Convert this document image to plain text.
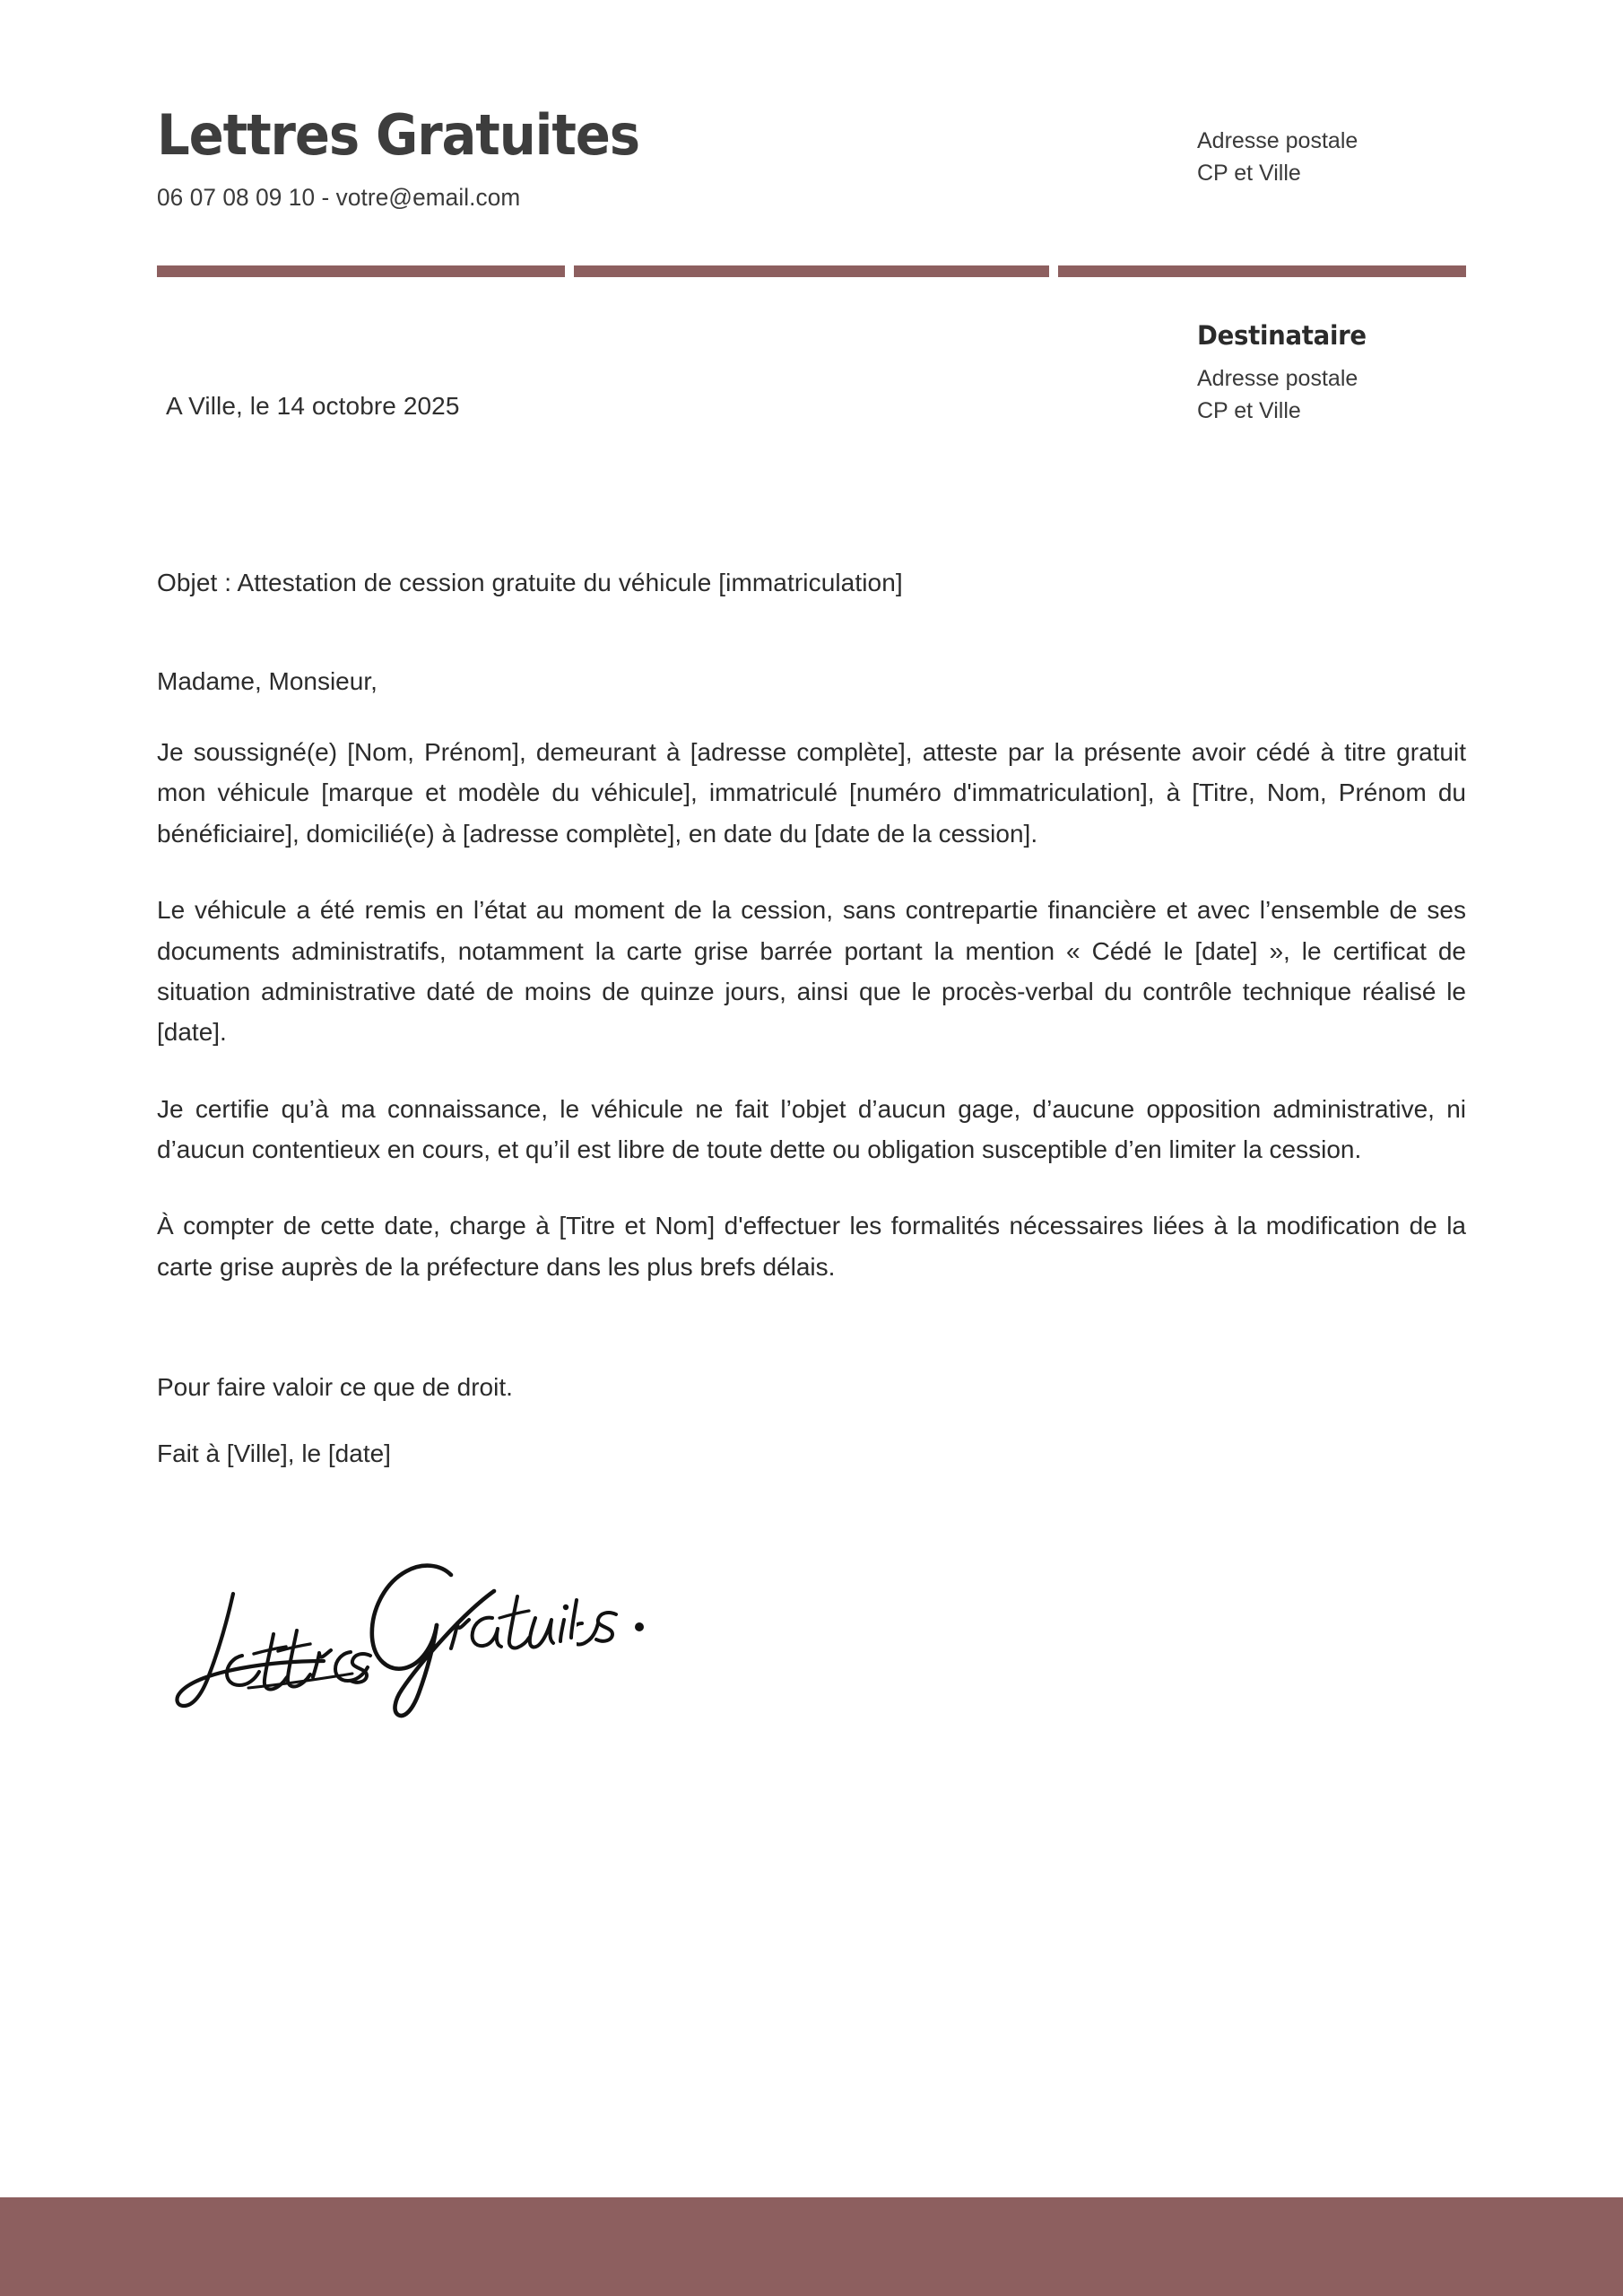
Lettres Gratuites
06 07 08 09 10 - votre@email.com
Adresse postale
CP et Ville
Destinataire
Adresse postale
CP et Ville
A Ville, le 14 octobre 2025
Objet : Attestation de cession gratuite du véhicule [immatriculation]
Madame, Monsieur,
Je soussigné(e) [Nom, Prénom], demeurant à [adresse complète], atteste par la présente avoir cédé à titre gratuit mon véhicule [marque et modèle du véhicule], immatriculé [numéro d'immatriculation], à [Titre, Nom, Prénom du bénéficiaire], domicilié(e) à [adresse complète], en date du [date de la cession].
Le véhicule a été remis en l’état au moment de la cession, sans contrepartie financière et avec l’ensemble de ses documents administratifs, notamment la carte grise barrée portant la mention « Cédé le [date] », le certificat de situation administrative daté de moins de quinze jours, ainsi que le procès-verbal du contrôle technique réalisé le [date].
Je certifie qu’à ma connaissance, le véhicule ne fait l’objet d’aucun gage, d’aucune opposition administrative, ni d’aucun contentieux en cours, et qu’il est libre de toute dette ou obligation susceptible d’en limiter la cession.
À compter de cette date, charge à [Titre et Nom] d'effectuer les formalités nécessaires liées à la modification de la carte grise auprès de la préfecture dans les plus brefs délais.
Pour faire valoir ce que de droit.
Fait à [Ville], le [date]
